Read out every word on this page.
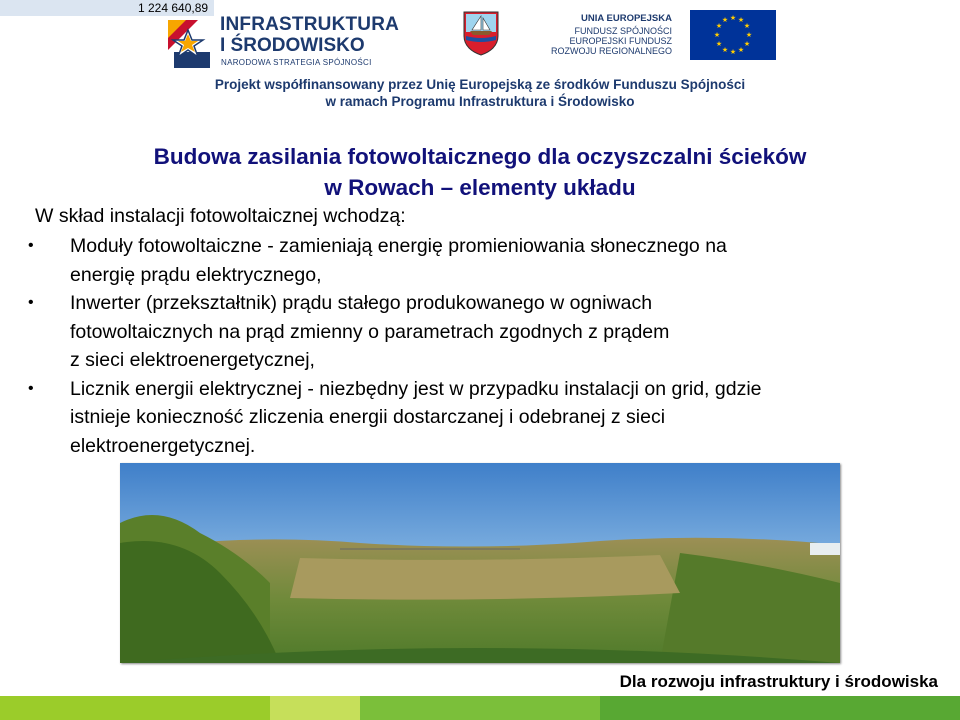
1 224 640,89
INFRASTRUKTURA
I ŚRODOWISKO
NARODOWA STRATEGIA SPÓJNOŚCI
UNIA EUROPEJSKA
FUNDUSZ SPÓJNOŚCI
EUROPEJSKI FUNDUSZ
ROZWOJU REGIONALNEGO
★ ★
★
★
★
★
★
★
★
★
★
★
Projekt współfinansowany przez Unię Europejską ze środków Funduszu Spójności
w ramach Programu Infrastruktura i Środowisko
Budowa zasilania fotowoltaicznego dla oczyszczalni ścieków
w Rowach – elementy układu
W skład instalacji fotowoltaicznej wchodzą:
• Moduły fotowoltaiczne - zamieniają energię promieniowania słonecznego na
energię prądu elektrycznego,
• Inwerter (przekształtnik) prądu stałego produkowanego w ogniwach
fotowoltaicznych na prąd zmienny o parametrach zgodnych z prądem
z sieci elektroenergetycznej,
• Licznik energii elektrycznej - niezbędny jest w przypadku instalacji on grid, gdzie
istnieje konieczność zliczenia energii dostarczanej i odebranej z sieci
elektroenergetycznej.
Dla rozwoju infrastruktury i środowiska
